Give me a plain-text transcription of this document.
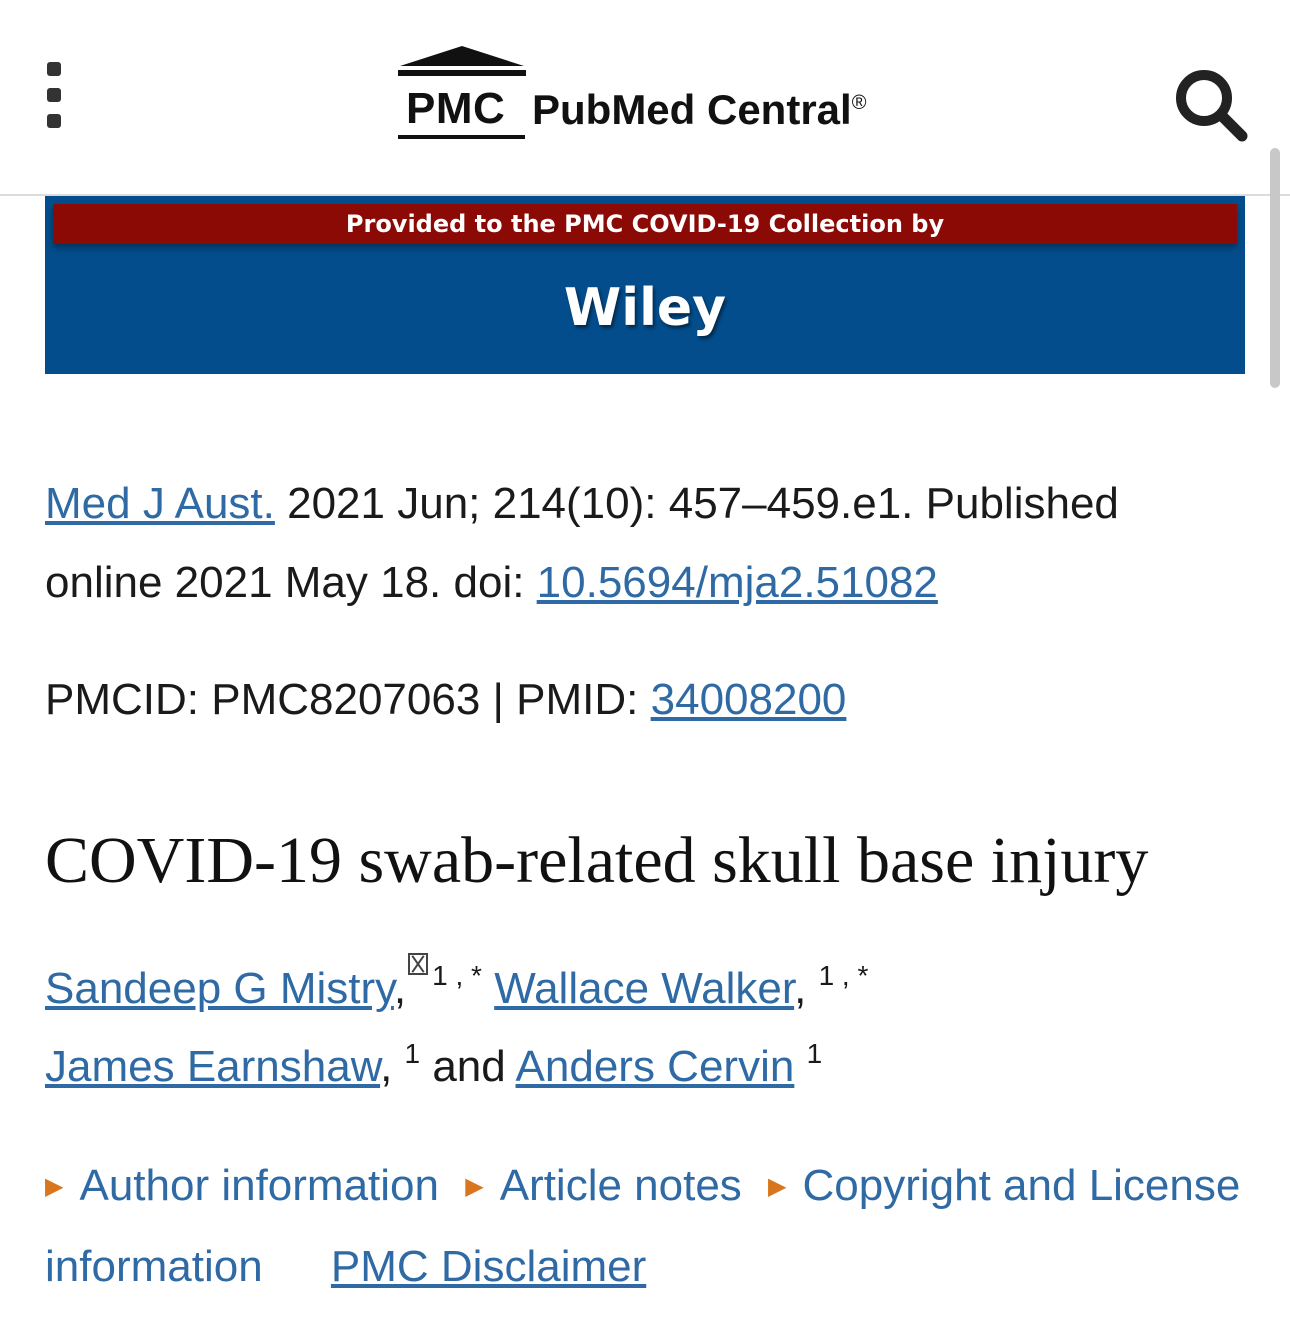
PMC PubMed Central®
Provided to the PMC COVID-19 Collection by
Wiley
Med J Aust. 2021 Jun; 214(10): 457–459.e1. Published online 2021 May 18. doi: 10.5694/mja2.51082
PMCID: PMC8207063 | PMID: 34008200
COVID-19 swab-related skull base injury
Sandeep G Mistry, $^{1 , *}$ Wallace Walker, $^{1 , *}$
James Earnshaw, $^1$ and Anders Cervin $^1$
▶ Author information ▶ Article notes ▶ Copyright and License information PMC Disclaimer
